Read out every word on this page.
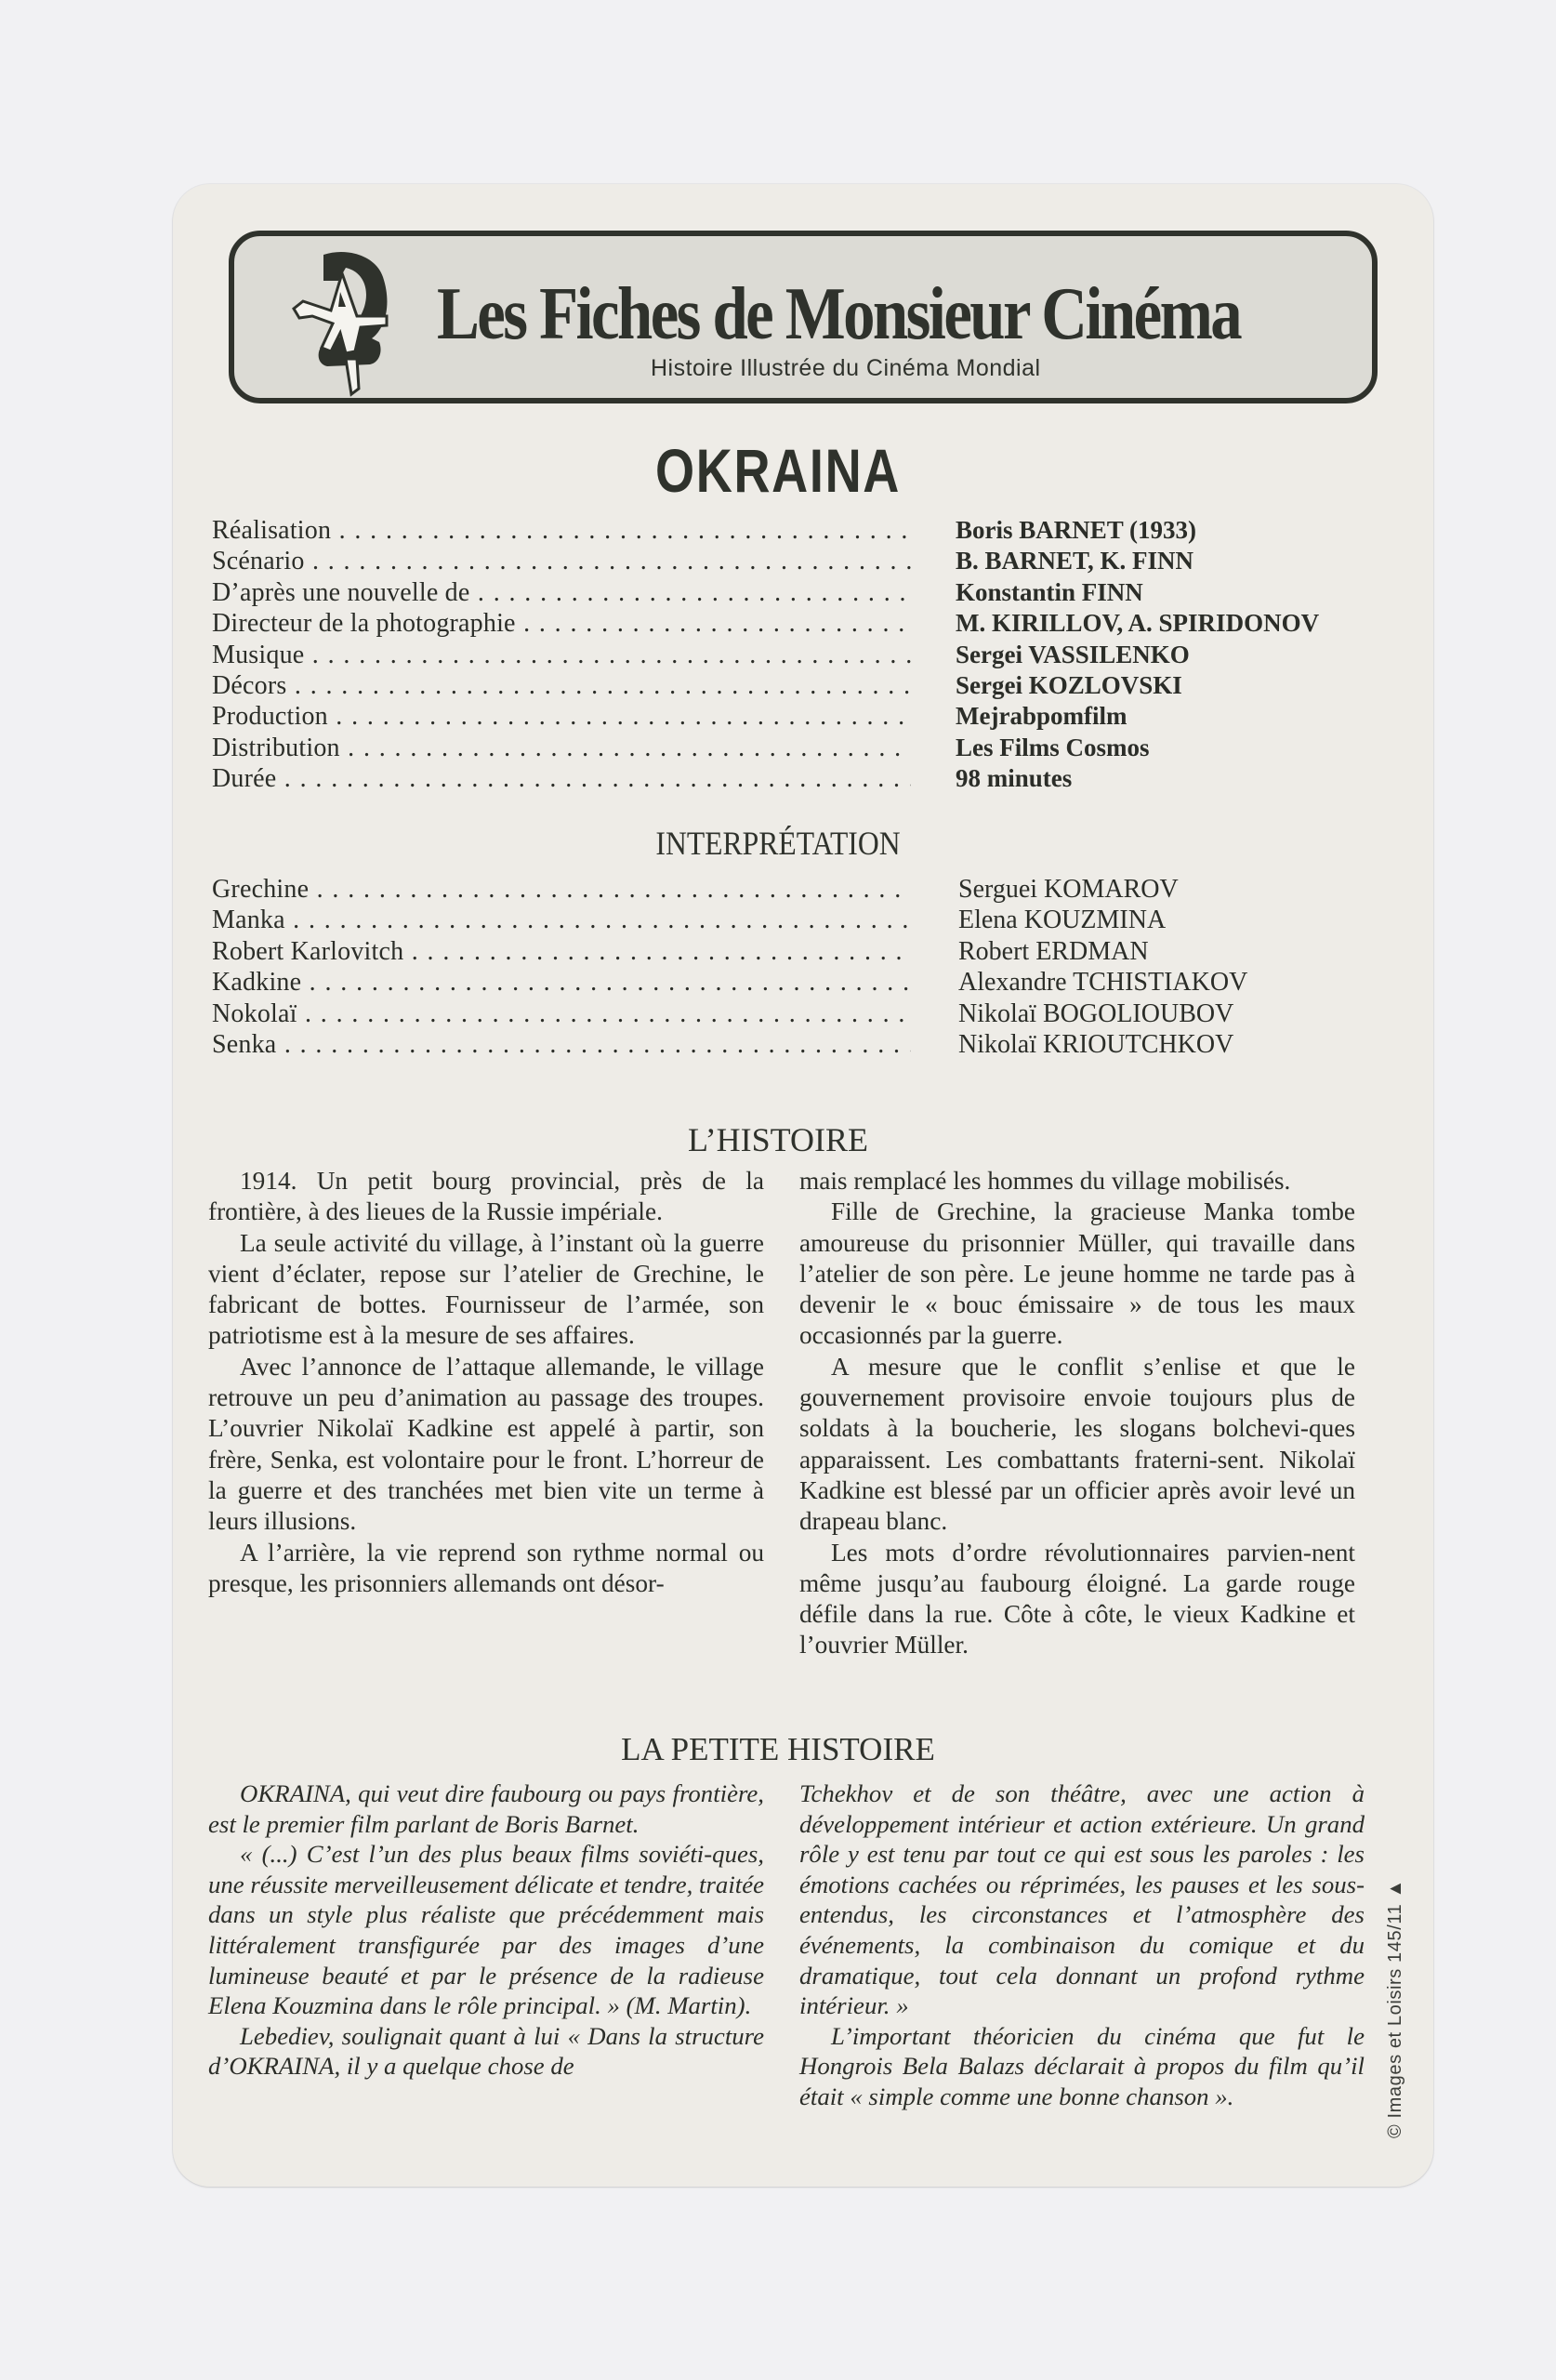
Les Fiches de Monsieur Cinéma
Histoire Illustrée du Cinéma Mondial
OKRAINA
Réalisation . . .	Boris BARNET (1933)
Scénario . . .	B. BARNET, K. FINN
D’après une nouvelle de . . .	Konstantin FINN
Directeur de la photographie . . .	M. KIRILLOV, A. SPIRIDONOV
Musique . . .	Sergei VASSILENKO
Décors . . .	Sergei KOZLOVSKI
Production . . .	Mejrabpomfilm
Distribution . . .	Les Films Cosmos
Durée . . .	98 minutes
INTERPRÉTATION
Grechine . . .	Serguei KOMAROV
Manka . . .	Elena KOUZMINA
Robert Karlovitch . . .	Robert ERDMAN
Kadkine . . .	Alexandre TCHISTIAKOV
Nokolaï . . .	Nikolaï BOGOLIOUBOV
Senka . . .	Nikolaï KRIOUTCHKOV
L’HISTOIRE

1914. Un petit bourg provincial, près de la frontière, à des lieues de la Russie impériale.

La seule activité du village, à l’instant où la guerre vient d’éclater, repose sur l’atelier de Grechine, le fabricant de bottes. Fournisseur de l’armée, son patriotisme est à la mesure de ses affaires.

Avec l’annonce de l’attaque allemande, le village retrouve un peu d’animation au passage des troupes. L’ouvrier Nikolaï Kadkine est appelé à partir, son frère, Senka, est volontaire pour le front. L’horreur de la guerre et des tranchées met bien vite un terme à leurs illusions.

A l’arrière, la vie reprend son rythme normal ou presque, les prisonniers allemands ont désor-

mais remplacé les hommes du village mobilisés.

Fille de Grechine, la gracieuse Manka tombe amoureuse du prisonnier Müller, qui travaille dans l’atelier de son père. Le jeune homme ne tarde pas à devenir le « bouc émissaire » de tous les maux occasionnés par la guerre.

A mesure que le conflit s’enlise et que le gouvernement provisoire envoie toujours plus de soldats à la boucherie, les slogans bolchevi-ques apparaissent. Les combattants fraterni-sent. Nikolaï Kadkine est blessé par un officier après avoir levé un drapeau blanc.

Les mots d’ordre révolutionnaires parvien-nent même jusqu’au faubourg éloigné. La garde rouge défile dans la rue. Côte à côte, le vieux Kadkine et l’ouvrier Müller.

LA PETITE HISTOIRE

OKRAINA, qui veut dire faubourg ou pays frontière, est le premier film parlant de Boris Barnet.

« (...) C’est l’un des plus beaux films soviéti-ques, une réussite merveilleusement délicate et tendre, traitée dans un style plus réaliste que précédemment mais littéralement transfigurée par des images d’une lumineuse beauté et par le présence de la radieuse Elena Kouzmina dans le rôle principal. » (M. Martin).

Lebediev, soulignait quant à lui « Dans la structure d’OKRAINA, il y a quelque chose de

Tchekhov et de son théâtre, avec une action à développement intérieur et action extérieure. Un grand rôle y est tenu par tout ce qui est sous les paroles : les émotions cachées ou réprimées, les pauses et les sous-entendus, les circonstances et l’atmosphère des événements, la combinaison du comique et du dramatique, tout cela donnant un profond rythme intérieur. »

L’important théoricien du cinéma que fut le Hongrois Bela Balazs déclarait à propos du film qu’il était « simple comme une bonne chanson ».	© Images et Loisirs 145/11 ▲
